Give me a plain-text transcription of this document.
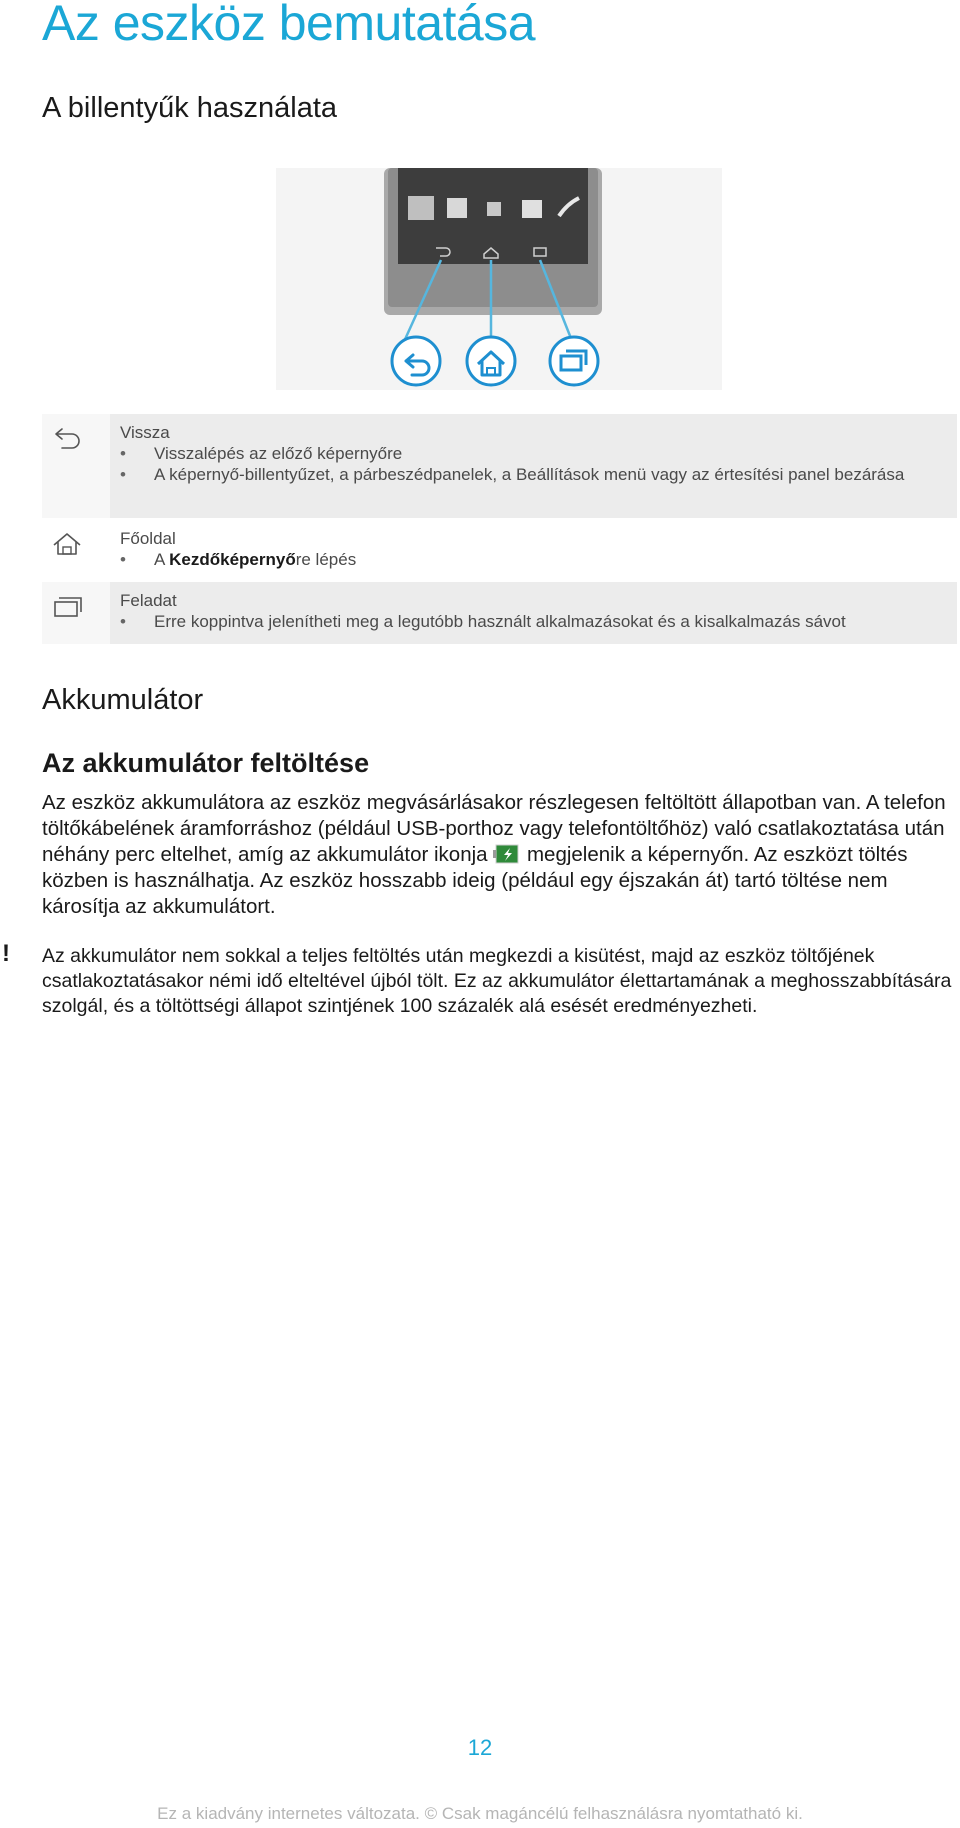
Az eszköz bemutatása
A billentyűk használata

Vissza

• Visszalépés az előző képernyőre
• A képernyő-billentyűzet, a párbeszédpanelek, a Beállítások menü vagy az értesítési panel bezárása

Főoldal

• A Kezdőképernyőre lépés

Feladat

• Erre koppintva jelenítheti meg a legutóbb használt alkalmazásokat és a kisalkalmazás sávot
Akkumulátor
Az akkumulátor feltöltése

Az eszköz akkumulátora az eszköz megvásárlásakor részlegesen feltöltött állapotban van. A telefon töltőkábelének áramforráshoz (például USB-porthoz vagy telefontöltőhöz) való csatlakoztatása után néhány perc eltelhet, amíg az akkumulátor ikonja  megjelenik a képernyőn. Az eszközt töltés közben is használhatja. Az eszköz hosszabb ideig (például egy éjszakán át) tartó töltése nem károsítja az akkumulátort.

! Az akkumulátor nem sokkal a teljes feltöltés után megkezdi a kisütést, majd az eszköz töltőjének csatlakoztatásakor némi idő elteltével újból tölt. Ez az akkumulátor élettartamának a meghosszabbítására szolgál, és a töltöttségi állapot szintjének 100 százalék alá esését eredményezheti.

12
Ez a kiadvány internetes változata. © Csak magáncélú felhasználásra nyomtatható ki.
